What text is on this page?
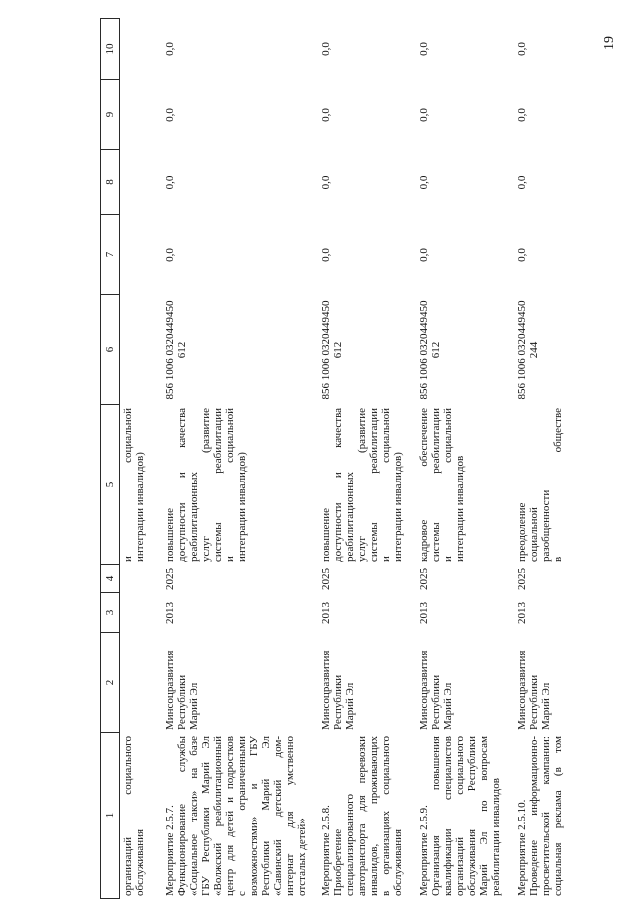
19
1
2
3
4
5
6
7
8
9
10
организаций социального обслуживания
и социальной интеграции инвалидов)
Мероприятие 2.5.7. Функционирование службы «Социальное такси» на базе ГБУ Республики Марий Эл «Волжский реабилитационный центр для детей и подростков с ограниченными возможностями» и ГБУ Республики Марий Эл «Савинский детский дом- интернат для умственно отсталых детей»
Минсоцразвития Республики Марий Эл
2013
2025
повышение доступности и качества реабилитационных услуг (развитие системы реабилитации и социальной интеграции инвалидов)
856 1006 0320449450 612
0,0
0,0
0,0
0,0
Мероприятие 2.5.8. Приобретение специализированного автотранспорта для перевозки инвалидов, проживающих в организациях социального обслуживания
Минсоцразвития Республики Марий Эл
2013
2025
повышение доступности и качества реабилитационных услуг (развитие системы реабилитации и социальной интеграции инвалидов)
856 1006 0320449450 612
0,0
0,0
0,0
0,0
Мероприятие 2.5.9. Организация повышения квалификации специалистов организаций социального обслуживания Республики Марий Эл по вопросам реабилитации инвалидов
Минсоцразвития Республики Марий Эл
2013
2025
кадровое обеспечение системы реабилитации и социальной интеграции инвалидов
856 1006 0320449450 612
0,0
0,0
0,0
0,0
Мероприятие 2.5.10. Проведение информационно- просветительской кампании: социальная реклама (в том
Минсоцразвития Республики Марий Эл
2013
2025
преодоление социальной разобщенности в обществе
856 1006 0320449450 244
0,0
0,0
0,0
0,0
